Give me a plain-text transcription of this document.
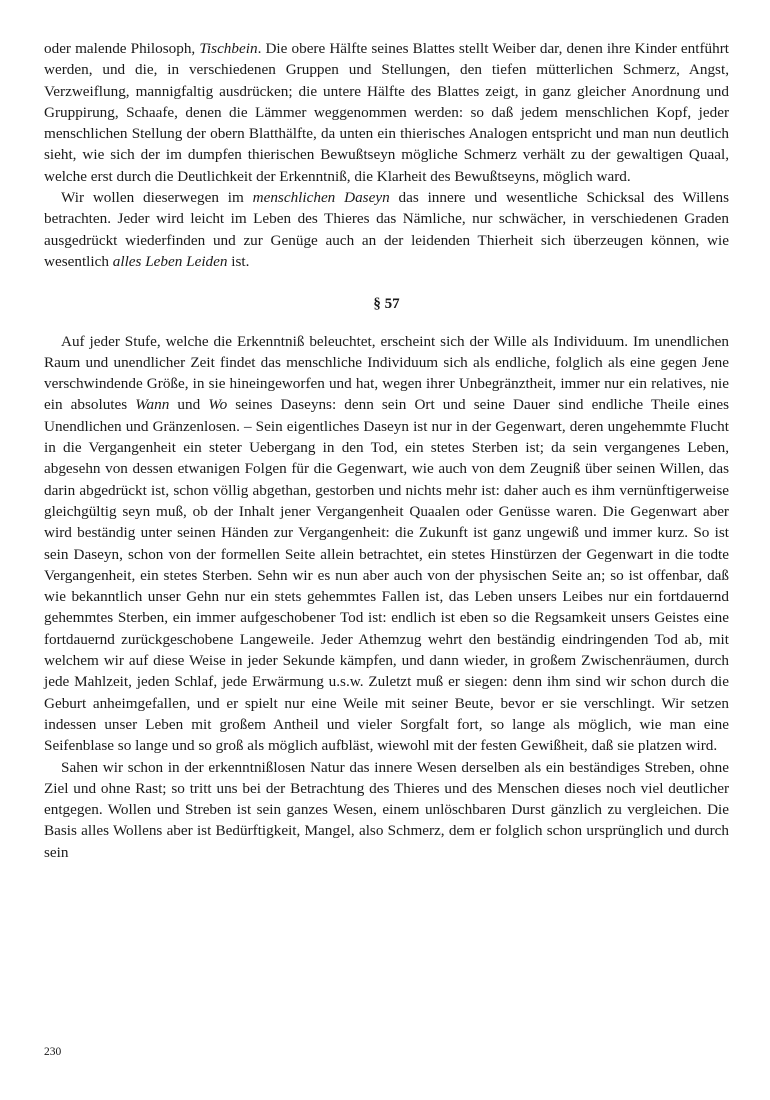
oder malende Philosoph, Tischbein. Die obere Hälfte seines Blattes stellt Weiber dar, denen ihre Kinder entführt werden, und die, in verschiedenen Gruppen und Stellungen, den tiefen mütterlichen Schmerz, Angst, Verzweiflung, mannigfaltig ausdrücken; die untere Hälfte des Blattes zeigt, in ganz gleicher Anordnung und Gruppirung, Schaafe, denen die Lämmer weggenommen werden: so daß jedem menschlichen Kopf, jeder menschlichen Stellung der obern Blatthälfte, da unten ein thierisches Analogen entspricht und man nun deutlich sieht, wie sich der im dumpfen thierischen Bewußtseyn mögliche Schmerz verhält zu der gewaltigen Quaal, welche erst durch die Deutlichkeit der Erkenntniß, die Klarheit des Bewußtseyns, möglich ward.

Wir wollen dieserwegen im menschlichen Daseyn das innere und wesentliche Schicksal des Willens betrachten. Jeder wird leicht im Leben des Thieres das Nämliche, nur schwächer, in verschiedenen Graden ausgedrückt wiederfinden und zur Genüge auch an der leidenden Thierheit sich überzeugen können, wie wesentlich alles Leben Leiden ist.

§ 57

Auf jeder Stufe, welche die Erkenntniß beleuchtet, erscheint sich der Wille als Individuum. Im unendlichen Raum und unendlicher Zeit findet das menschliche Individuum sich als endliche, folglich als eine gegen Jene verschwindende Größe, in sie hineingeworfen und hat, wegen ihrer Unbegränztheit, immer nur ein relatives, nie ein absolutes Wann und Wo seines Daseyns: denn sein Ort und seine Dauer sind endliche Theile eines Unendlichen und Gränzenlosen. – Sein eigentliches Daseyn ist nur in der Gegenwart, deren ungehemmte Flucht in die Vergangenheit ein steter Uebergang in den Tod, ein stetes Sterben ist; da sein vergangenes Leben, abgesehn von dessen etwanigen Folgen für die Gegenwart, wie auch von dem Zeugniß über seinen Willen, das darin abgedrückt ist, schon völlig abgethan, gestorben und nichts mehr ist: daher auch es ihm vernünftigerweise gleichgültig seyn muß, ob der Inhalt jener Vergangenheit Quaalen oder Genüsse waren. Die Gegenwart aber wird beständig unter seinen Händen zur Vergangenheit: die Zukunft ist ganz ungewiß und immer kurz. So ist sein Daseyn, schon von der formellen Seite allein betrachtet, ein stetes Hinstürzen der Gegenwart in die todte Vergangenheit, ein stetes Sterben. Sehn wir es nun aber auch von der physischen Seite an; so ist offenbar, daß wie bekanntlich unser Gehn nur ein stets gehemmtes Fallen ist, das Leben unsers Leibes nur ein fortdauernd gehemmtes Sterben, ein immer aufgeschobener Tod ist: endlich ist eben so die Regsamkeit unsers Geistes eine fortdauernd zurückgeschobene Langeweile. Jeder Athemzug wehrt den beständig eindringenden Tod ab, mit welchem wir auf diese Weise in jeder Sekunde kämpfen, und dann wieder, in großem Zwischenräumen, durch jede Mahlzeit, jeden Schlaf, jede Erwärmung u.s.w. Zuletzt muß er siegen: denn ihm sind wir schon durch die Geburt anheimgefallen, und er spielt nur eine Weile mit seiner Beute, bevor er sie verschlingt. Wir setzen indessen unser Leben mit großem Antheil und vieler Sorgfalt fort, so lange als möglich, wie man eine Seifenblase so lange und so groß als möglich aufbläst, wiewohl mit der festen Gewißheit, daß sie platzen wird.

Sahen wir schon in der erkenntnißlosen Natur das innere Wesen derselben als ein beständiges Streben, ohne Ziel und ohne Rast; so tritt uns bei der Betrachtung des Thieres und des Menschen dieses noch viel deutlicher entgegen. Wollen und Streben ist sein ganzes Wesen, einem unlöschbaren Durst gänzlich zu vergleichen. Die Basis alles Wollens aber ist Bedürftigkeit, Mangel, also Schmerz, dem er folglich schon ursprünglich und durch sein

230
